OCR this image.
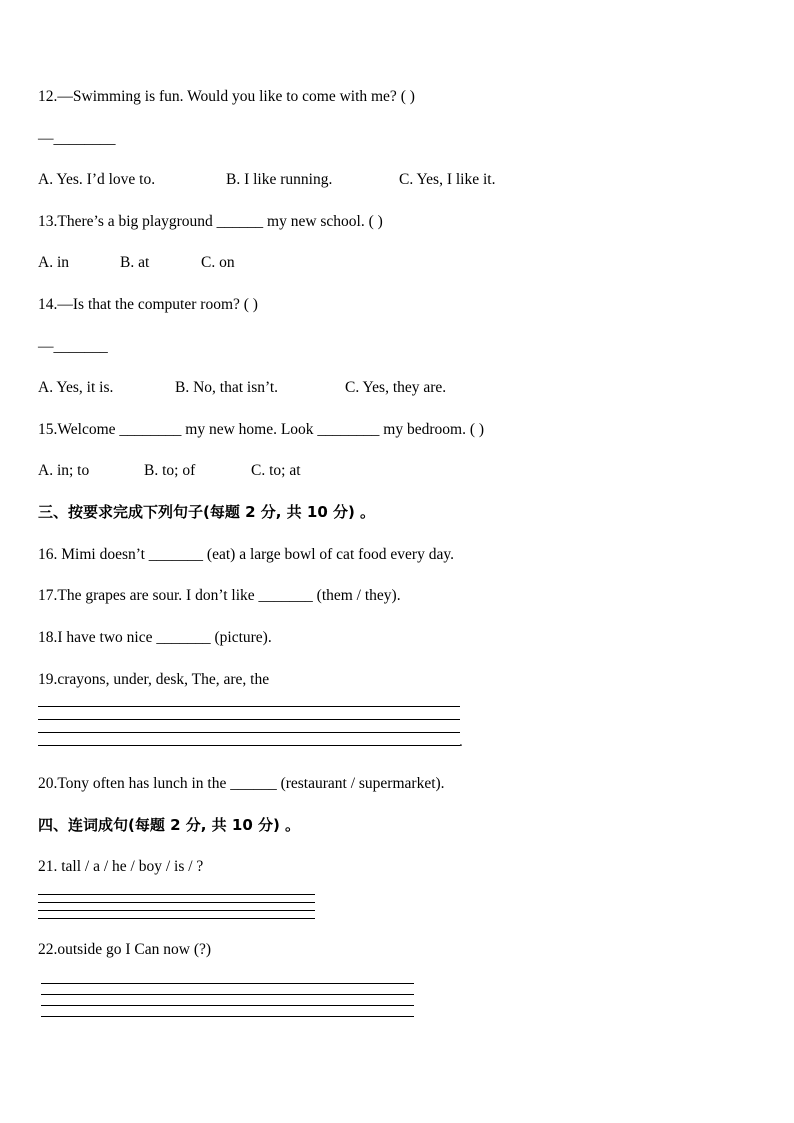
12.—Swimming is fun. Would you like to come with me? ( )
—________
A. Yes. I’d love to.	B. I like running.	C. Yes, I like it.
13.There’s a big playground ______ my new school. ( )
A. in	B. at	C. on
14.—Is that the computer room? ( )
—_______
A. Yes, it is.	B. No, that isn’t.	C. Yes, they are.
15.Welcome ________ my new home. Look ________ my bedroom. ( )
A. in; to	B. to; of	C. to; at
三、按要求完成下列句子(每题 2 分, 共 10 分) 。
16. Mimi doesn’t _______ (eat) a large bowl of cat food every day.
17.The grapes are sour. I don’t like _______ (them / they).
18.I have two nice _______ (picture).
19.crayons, under, desk, The, are, the
.
20.Tony often has lunch in the ______ (restaurant / supermarket).
四、连词成句(每题 2 分, 共 10 分) 。
21. tall / a / he / boy / is / ?
22.outside go I Can now (?)
